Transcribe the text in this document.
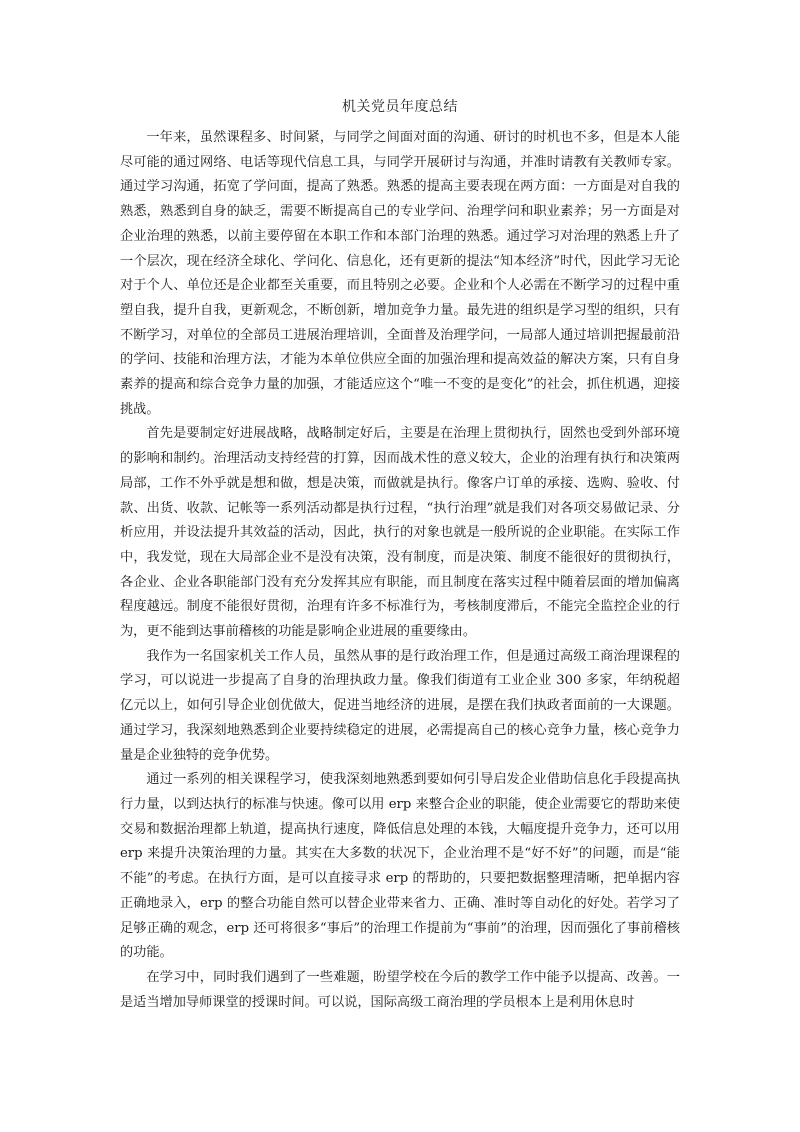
机关党员年度总结

一年来，虽然课程多、时间紧，与同学之间面对面的沟通、研讨的时机也不多，但是本人能尽可能的通过网络、电话等现代信息工具，与同学开展研讨与沟通，并准时请教有关教师专家。通过学习沟通，拓宽了学问面，提高了熟悉。熟悉的提高主要表现在两方面：一方面是对自我的熟悉，熟悉到自身的缺乏，需要不断提高自己的专业学问、治理学问和职业素养；另一方面是对企业治理的熟悉，以前主要停留在本职工作和本部门治理的熟悉。通过学习对治理的熟悉上升了一个层次，现在经济全球化、学问化、信息化，还有更新的提法“知本经济”时代，因此学习无论对于个人、单位还是企业都至关重要，而且特别之必要。企业和个人必需在不断学习的过程中重塑自我，提升自我，更新观念，不断创新，增加竞争力量。最先进的组织是学习型的组织，只有不断学习，对单位的全部员工进展治理培训，全面普及治理学问，一局部人通过培训把握最前沿的学问、技能和治理方法，才能为本单位供应全面的加强治理和提高效益的解决方案，只有自身素养的提高和综合竞争力量的加强，才能适应这个“唯一不变的是变化”的社会，抓住机遇，迎接挑战。

首先是要制定好进展战略，战略制定好后，主要是在治理上贯彻执行，固然也受到外部环境的影响和制约。治理活动支持经营的打算，因而战术性的意义较大，企业的治理有执行和决策两局部，工作不外乎就是想和做，想是决策，而做就是执行。像客户订单的承接、选购、验收、付款、出货、收款、记帐等一系列活动都是执行过程，“执行治理”就是我们对各项交易做记录、分析应用，并设法提升其效益的活动，因此，执行的对象也就是一般所说的企业职能。在实际工作中，我发觉，现在大局部企业不是没有决策，没有制度，而是决策、制度不能很好的贯彻执行，各企业、企业各职能部门没有充分发挥其应有职能，而且制度在落实过程中随着层面的增加偏离程度越远。制度不能很好贯彻，治理有许多不标准行为，考核制度滞后，不能完全监控企业的行为，更不能到达事前稽核的功能是影响企业进展的重要缘由。

我作为一名国家机关工作人员，虽然从事的是行政治理工作，但是通过高级工商治理课程的学习，可以说进一步提高了自身的治理执政力量。像我们街道有工业企业 300 多家，年纳税超亿元以上，如何引导企业创优做大，促进当地经济的进展，是摆在我们执政者面前的一大课题。通过学习，我深刻地熟悉到企业要持续稳定的进展，必需提高自己的核心竞争力量，核心竞争力量是企业独特的竞争优势。

通过一系列的相关课程学习，使我深刻地熟悉到要如何引导启发企业借助信息化手段提高执行力量，以到达执行的标准与快速。像可以用 erp 来整合企业的职能，使企业需要它的帮助来使交易和数据治理都上轨道，提高执行速度，降低信息处理的本钱，大幅度提升竞争力，还可以用 erp 来提升决策治理的力量。其实在大多数的状况下，企业治理不是“好不好”的问题，而是“能不能”的考虑。在执行方面，是可以直接寻求 erp 的帮助的，只要把数据整理清晰，把单据内容正确地录入，erp 的整合功能自然可以替企业带来省力、正确、准时等自动化的好处。若学习了足够正确的观念，erp 还可将很多“事后”的治理工作提前为“事前”的治理，因而强化了事前稽核的功能。

在学习中，同时我们遇到了一些难题，盼望学校在今后的教学工作中能予以提高、改善。一是适当增加导师课堂的授课时间。可以说，国际高级工商治理的学员根本上是利用休息时
